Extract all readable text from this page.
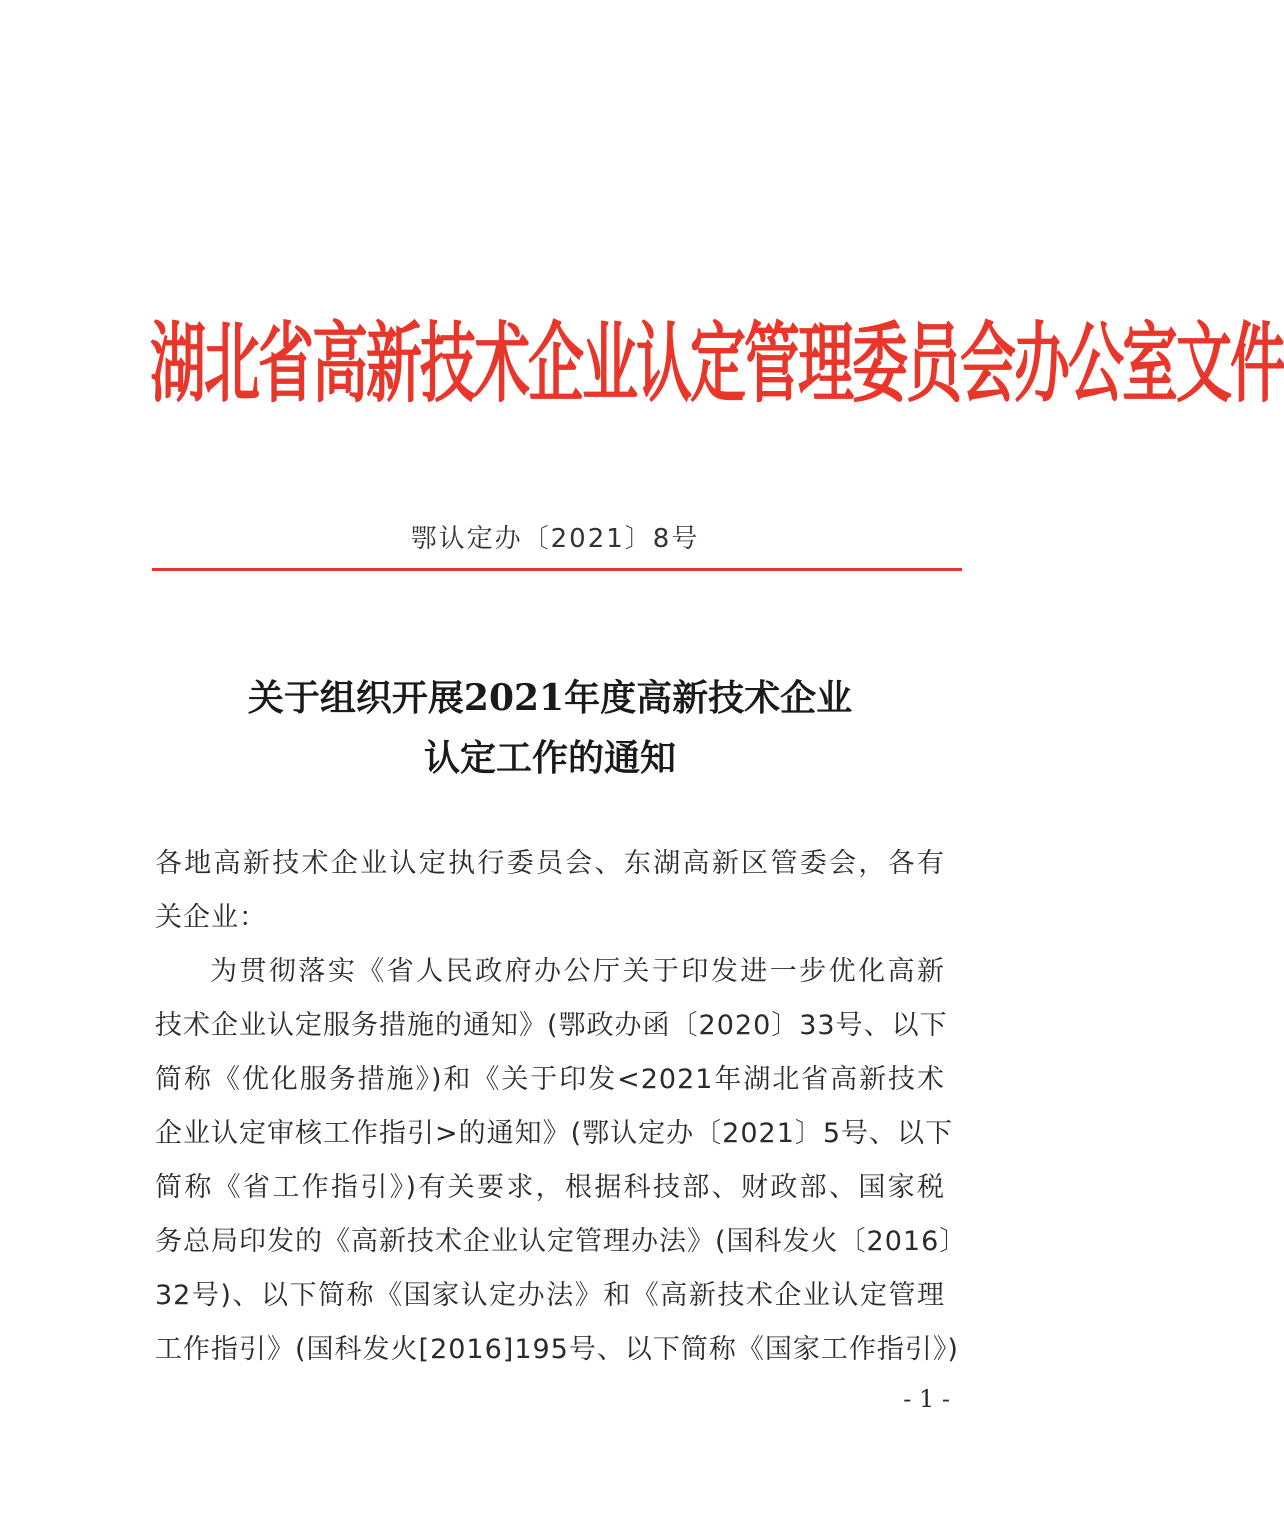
湖北省高新技术企业认定管理委员会办公室文件
鄂认定办〔2021〕8号
关于组织开展2021年度高新技术企业
认定工作的通知
各地高新技术企业认定执行委员会、东湖高新区管委会，各有
关企业：
为贯彻落实《省人民政府办公厅关于印发进一步优化高新
技术企业认定服务措施的通知》(鄂政办函〔2020〕33号、以下
简称《优化服务措施》)和《关于印发<2021年湖北省高新技术
企业认定审核工作指引>的通知》(鄂认定办〔2021〕5号、以下
简称《省工作指引》)有关要求，根据科技部、财政部、国家税
务总局印发的《高新技术企业认定管理办法》(国科发火〔2016〕
32号)、以下简称《国家认定办法》和《高新技术企业认定管理
工作指引》(国科发火[2016]195号、以下简称《国家工作指引》)
- 1 -
